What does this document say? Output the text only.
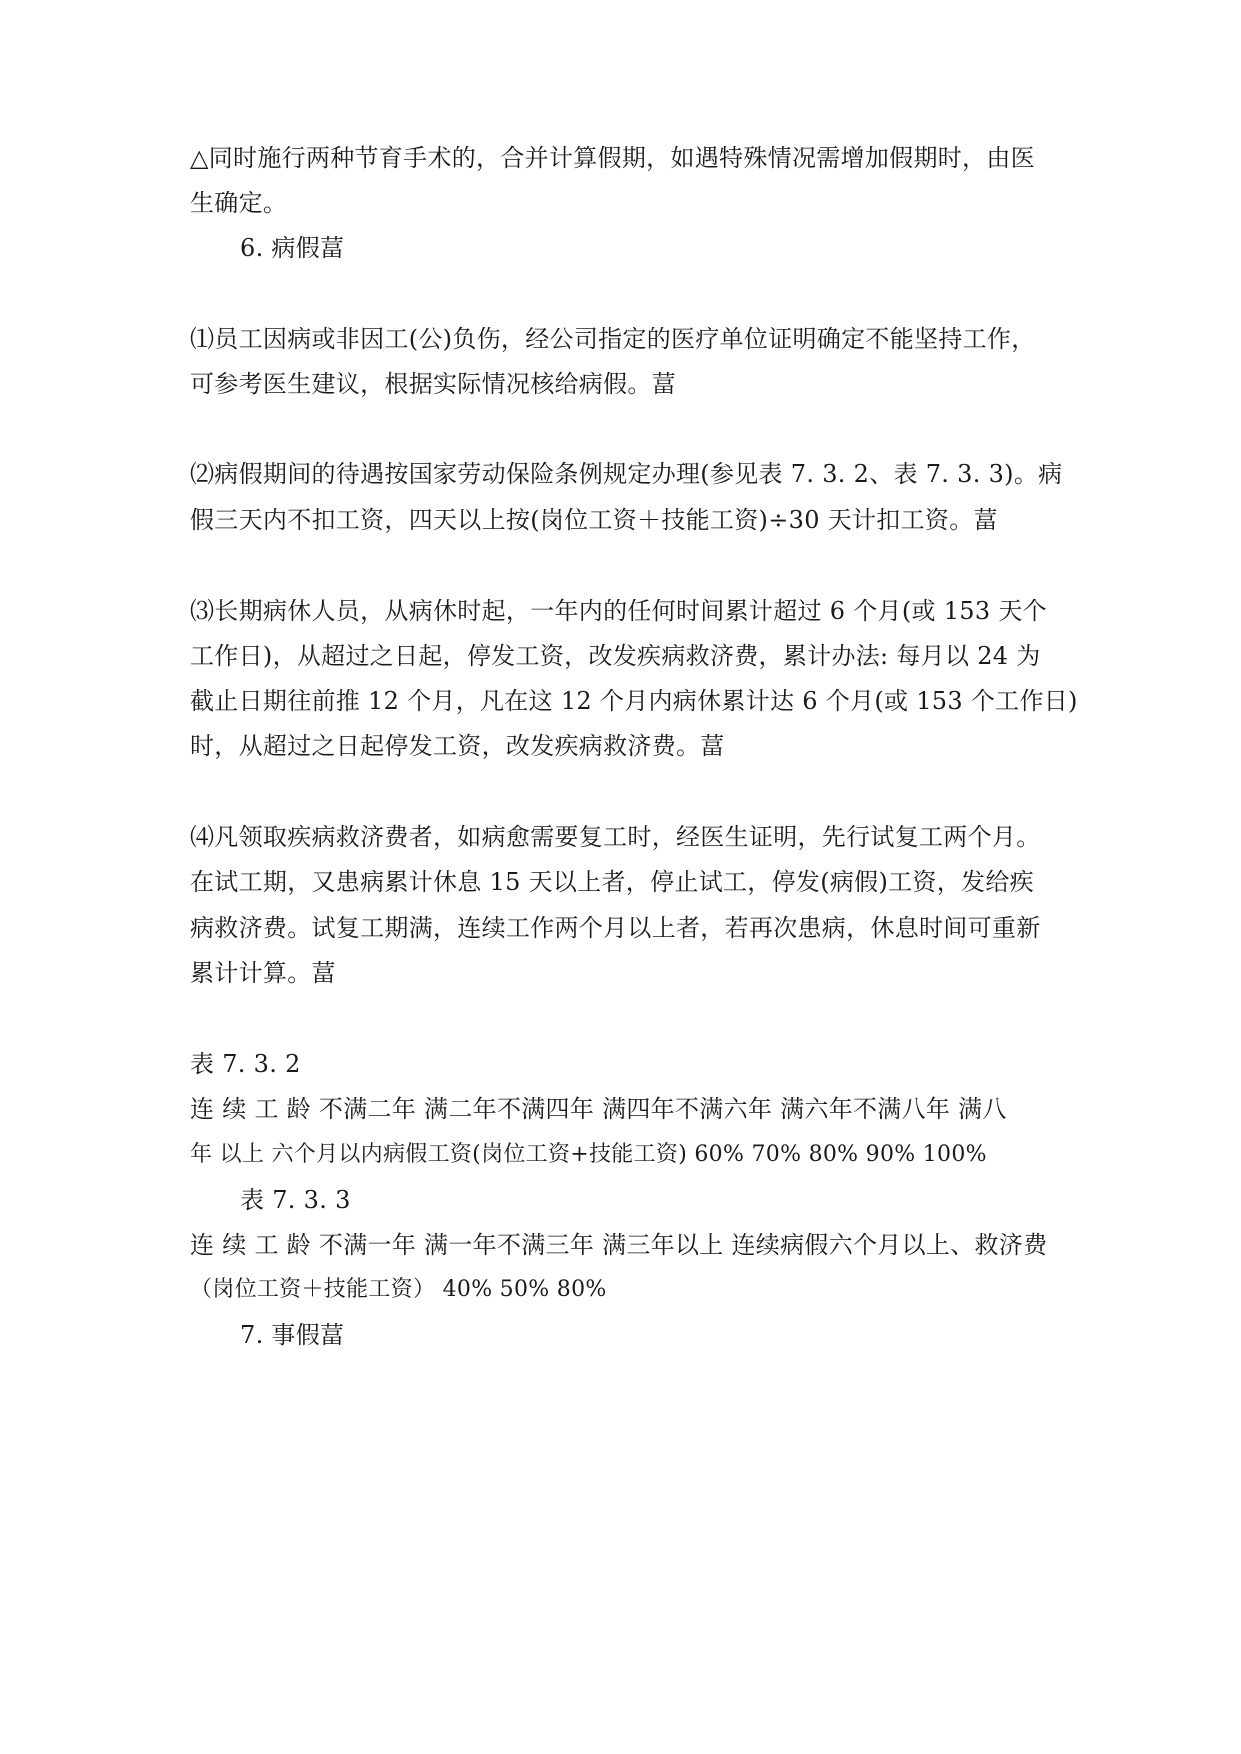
△同时施行两种节育手术的，合并计算假期，如遇特殊情况需增加假期时，由医
生确定。
6. 病假葍
⑴员工因病或非因工(公)负伤，经公司指定的医疗单位证明确定不能坚持工作，
可参考医生建议，根据实际情况核给病假。葍
⑵病假期间的待遇按国家劳动保险条例规定办理(参见表 7. 3. 2、表 7. 3. 3)。病
假三天内不扣工资，四天以上按(岗位工资＋技能工资)÷30 天计扣工资。葍
⑶长期病休人员，从病休时起，一年内的任何时间累计超过 6 个月(或 153 天个
工作日)，从超过之日起，停发工资，改发疾病救济费，累计办法: 每月以 24 为
截止日期往前推 12 个月，凡在这 12 个月内病休累计达 6 个月(或 153 个工作日)
时，从超过之日起停发工资，改发疾病救济费。葍
⑷凡领取疾病救济费者，如病愈需要复工时，经医生证明，先行试复工两个月。
在试工期，又患病累计休息 15 天以上者，停止试工，停发(病假)工资，发给疾
病救济费。试复工期满，连续工作两个月以上者，若再次患病，休息时间可重新
累计计算。葍
表 7. 3. 2
连 续 工 龄 不满二年 满二年不满四年 满四年不满六年 满六年不满八年 满八
年 以上 六个月以内病假工资(岗位工资+技能工资) 60% 70% 80% 90% 100%
表 7. 3. 3
连 续 工 龄 不满一年 满一年不满三年 满三年以上 连续病假六个月以上、救济费
（岗位工资＋技能工资） 40% 50% 80%
7. 事假葍
